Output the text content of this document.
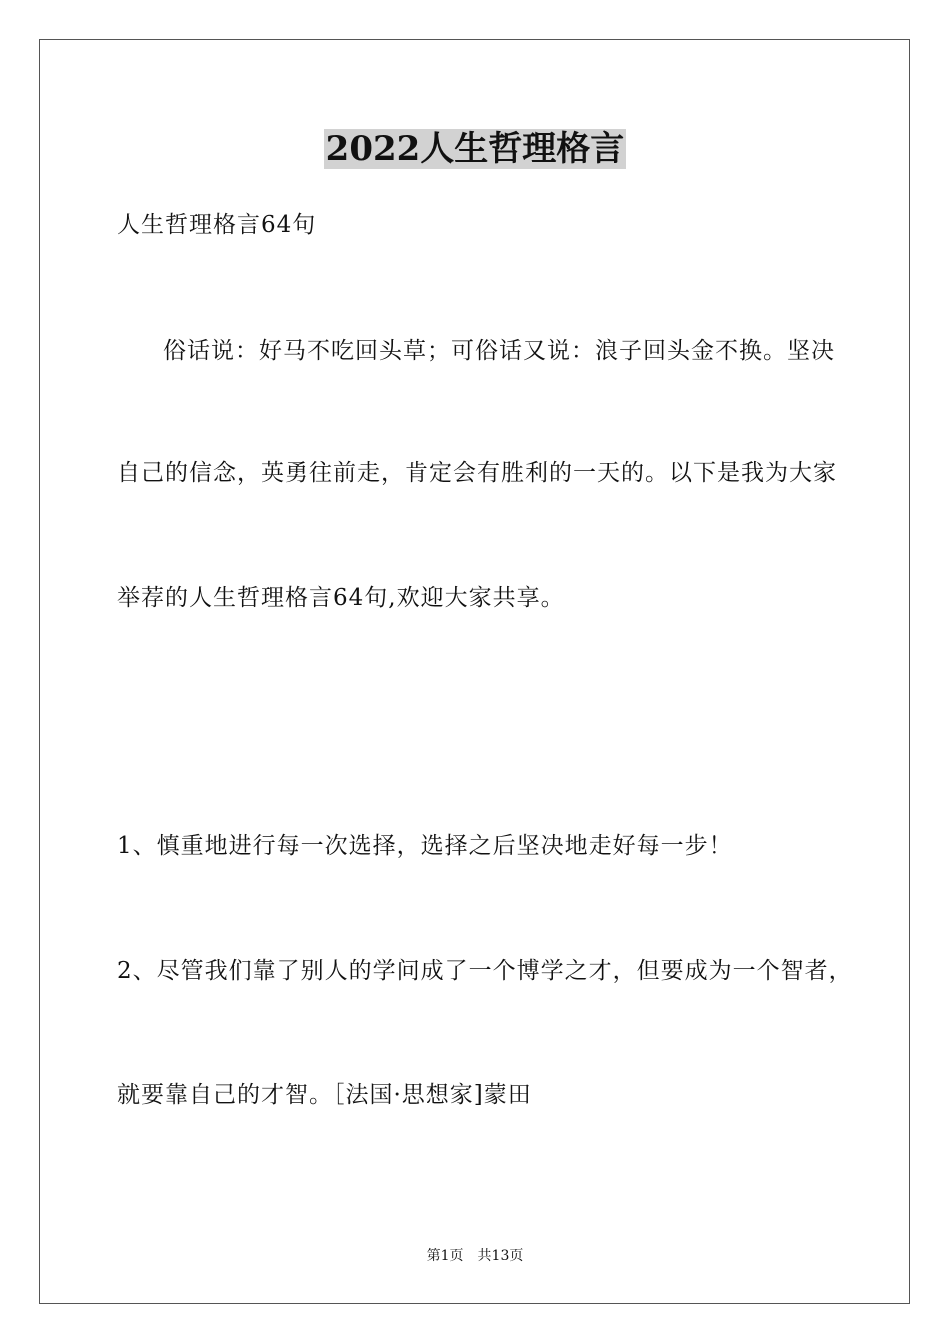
2022人生哲理格言
人生哲理格言64句
俗话说：好马不吃回头草；可俗话又说：浪子回头金不换。坚决
自己的信念，英勇往前走，肯定会有胜利的一天的。以下是我为大家
举荐的人生哲理格言64句,欢迎大家共享。
1、慎重地进行每一次选择，选择之后坚决地走好每一步！
2、尽管我们靠了别人的学问成了一个博学之才，但要成为一个智者，
就要靠自己的才智。［法国·思想家]蒙田
第1页　共13页
